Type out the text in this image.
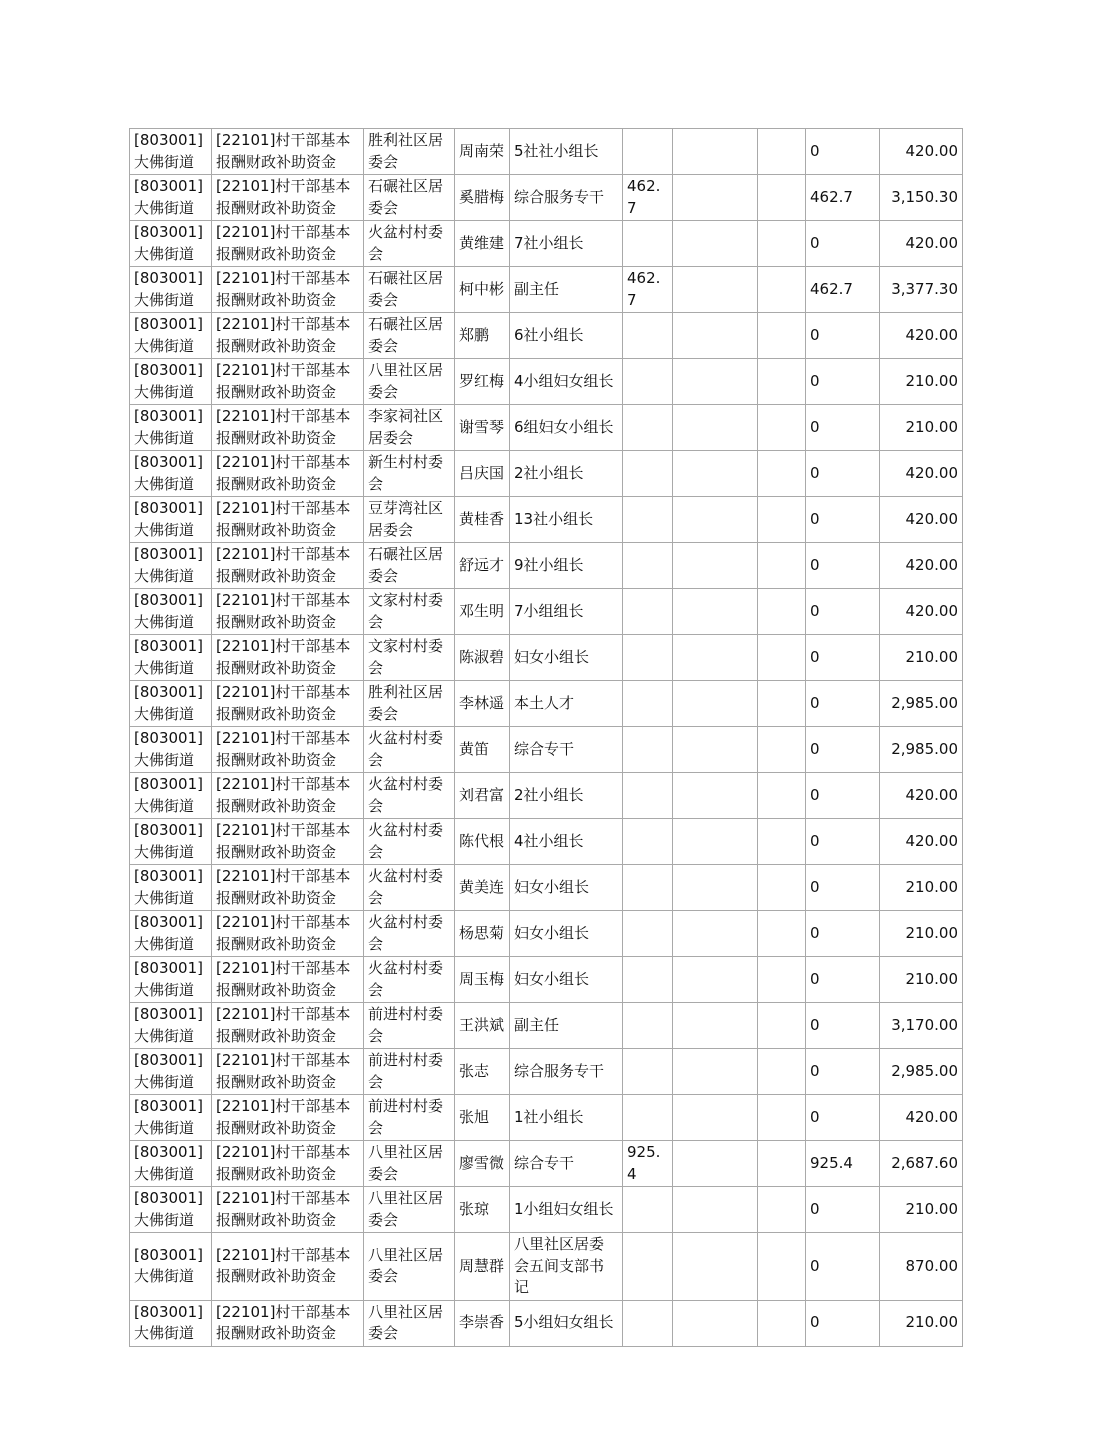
[803001]大佛街道	[22101]村干部基本报酬财政补助资金	胜利社区居委会	周南荣	5社社小组长				0	420.00
[803001]大佛街道	[22101]村干部基本报酬财政补助资金	石碾社区居委会	奚腊梅	综合服务专干	462.7			462.7	3,150.30
[803001]大佛街道	[22101]村干部基本报酬财政补助资金	火盆村村委会	黄维建	7社小组长				0	420.00
[803001]大佛街道	[22101]村干部基本报酬财政补助资金	石碾社区居委会	柯中彬	副主任	462.7			462.7	3,377.30
[803001]大佛街道	[22101]村干部基本报酬财政补助资金	石碾社区居委会	郑鹏	6社小组长				0	420.00
[803001]大佛街道	[22101]村干部基本报酬财政补助资金	八里社区居委会	罗红梅	4小组妇女组长				0	210.00
[803001]大佛街道	[22101]村干部基本报酬财政补助资金	李家祠社区居委会	谢雪琴	6组妇女小组长				0	210.00
[803001]大佛街道	[22101]村干部基本报酬财政补助资金	新生村村委会	吕庆国	2社小组长				0	420.00
[803001]大佛街道	[22101]村干部基本报酬财政补助资金	豆芽湾社区居委会	黄桂香	13社小组长				0	420.00
[803001]大佛街道	[22101]村干部基本报酬财政补助资金	石碾社区居委会	舒远才	9社小组长				0	420.00
[803001]大佛街道	[22101]村干部基本报酬财政补助资金	文家村村委会	邓生明	7小组组长				0	420.00
[803001]大佛街道	[22101]村干部基本报酬财政补助资金	文家村村委会	陈淑碧	妇女小组长				0	210.00
[803001]大佛街道	[22101]村干部基本报酬财政补助资金	胜利社区居委会	李林遥	本土人才				0	2,985.00
[803001]大佛街道	[22101]村干部基本报酬财政补助资金	火盆村村委会	黄笛	综合专干				0	2,985.00
[803001]大佛街道	[22101]村干部基本报酬财政补助资金	火盆村村委会	刘君富	2社小组长				0	420.00
[803001]大佛街道	[22101]村干部基本报酬财政补助资金	火盆村村委会	陈代根	4社小组长				0	420.00
[803001]大佛街道	[22101]村干部基本报酬财政补助资金	火盆村村委会	黄美连	妇女小组长				0	210.00
[803001]大佛街道	[22101]村干部基本报酬财政补助资金	火盆村村委会	杨思菊	妇女小组长				0	210.00
[803001]大佛街道	[22101]村干部基本报酬财政补助资金	火盆村村委会	周玉梅	妇女小组长				0	210.00
[803001]大佛街道	[22101]村干部基本报酬财政补助资金	前进村村委会	王洪斌	副主任				0	3,170.00
[803001]大佛街道	[22101]村干部基本报酬财政补助资金	前进村村委会	张志	综合服务专干				0	2,985.00
[803001]大佛街道	[22101]村干部基本报酬财政补助资金	前进村村委会	张旭	1社小组长				0	420.00
[803001]大佛街道	[22101]村干部基本报酬财政补助资金	八里社区居委会	廖雪微	综合专干	925.4			925.4	2,687.60
[803001]大佛街道	[22101]村干部基本报酬财政补助资金	八里社区居委会	张琼	1小组妇女组长				0	210.00
[803001]大佛街道	[22101]村干部基本报酬财政补助资金	八里社区居委会	周慧群	八里社区居委会五间支部书记				0	870.00
[803001]大佛街道	[22101]村干部基本报酬财政补助资金	八里社区居委会	李崇香	5小组妇女组长				0	210.00
